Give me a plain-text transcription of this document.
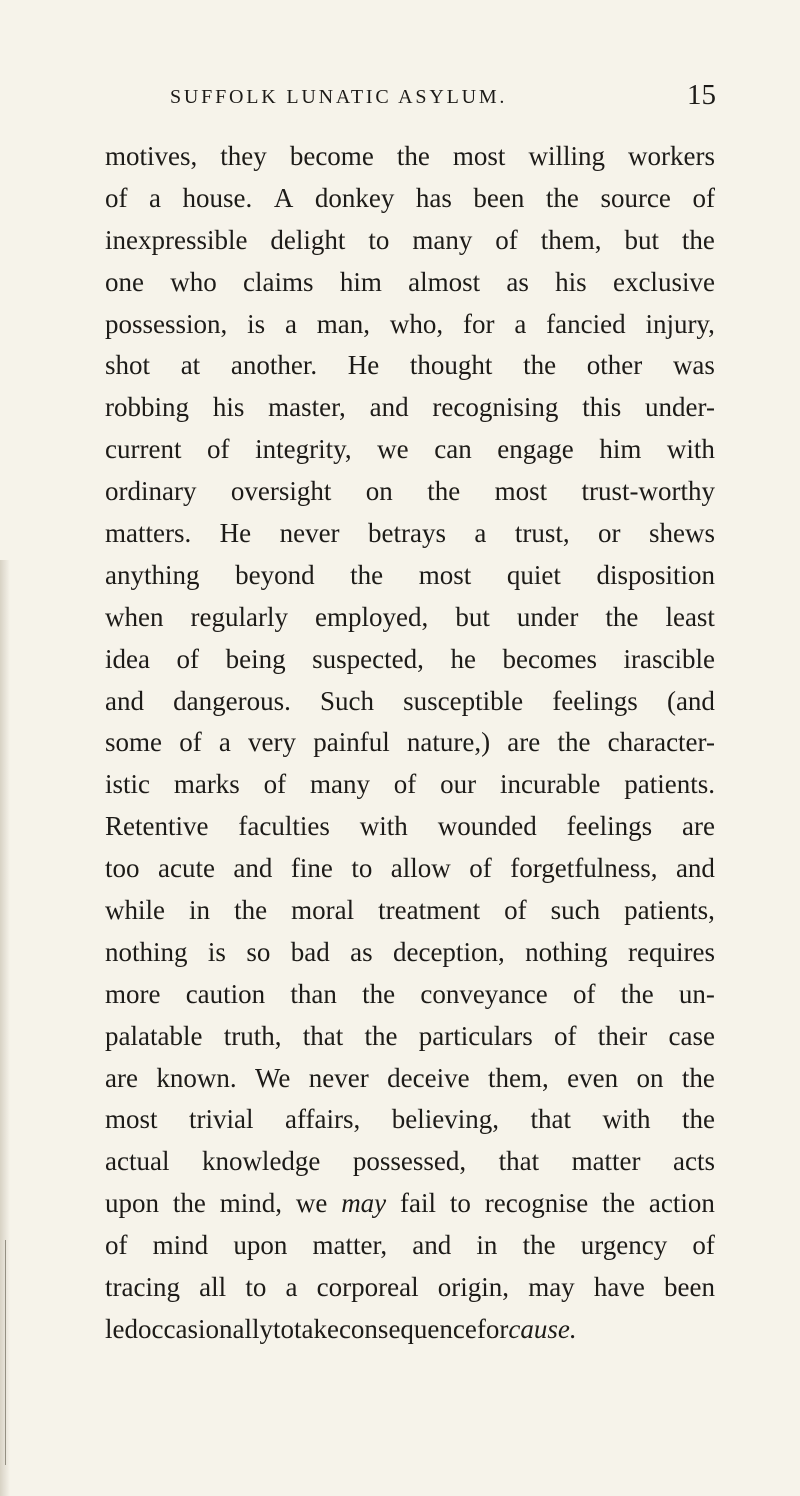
SUFFOLK LUNATIC ASYLUM.	15
motives, they become the most willing workers
of a house. A donkey has been the source of
inexpressible delight to many of them, but the
one who claims him almost as his exclusive
possession, is a man, who, for a fancied injury,
shot at another. He thought the other was
robbing his master, and recognising this under-
current of integrity, we can engage him with
ordinary oversight on the most trust-worthy
matters. He never betrays a trust, or shews
anything beyond the most quiet disposition
when regularly employed, but under the least
idea of being suspected, he becomes irascible
and dangerous. Such susceptible feelings (and
some of a very painful nature,) are the character-
istic marks of many of our incurable patients.
Retentive faculties with wounded feelings are
too acute and fine to allow of forgetfulness, and
while in the moral treatment of such patients,
nothing is so bad as deception, nothing requires
more caution than the conveyance of the un-
palatable truth, that the particulars of their case
are known. We never deceive them, even on the
most trivial affairs, believing, that with the
actual knowledge possessed, that matter acts
upon the mind, we may fail to recognise the action
of mind upon matter, and in the urgency of
tracing all to a corporeal origin, may have been
led occasionally to take consequence for cause.
